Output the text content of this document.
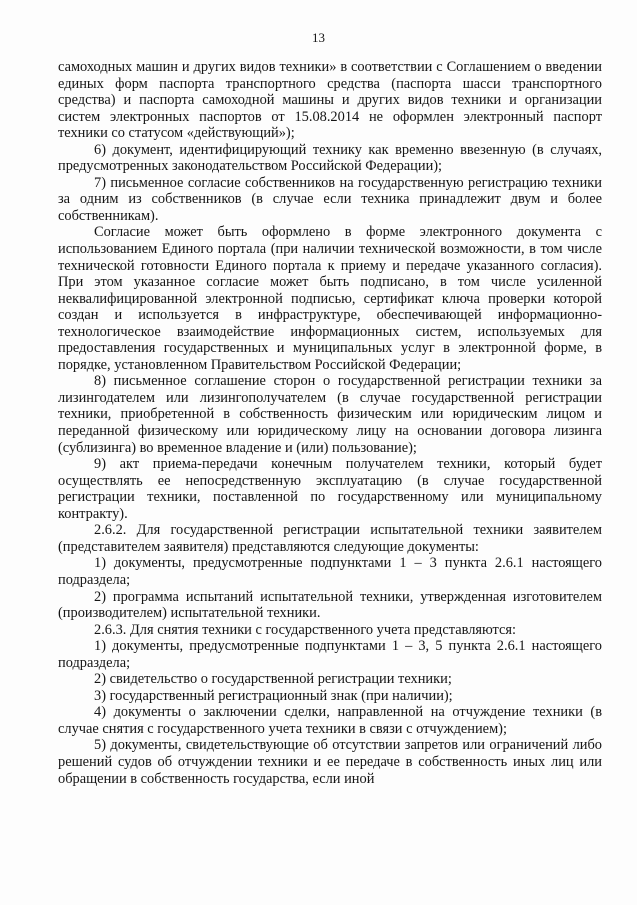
13

самоходных машин и других видов техники» в соответствии с Соглашением о введении единых форм паспорта транспортного средства (паспорта шасси транспортного средства) и паспорта самоходной машины и других видов техники и организации систем электронных паспортов от 15.08.2014 не оформлен электронный паспорт техники со статусом «действующий»);

6) документ, идентифицирующий технику как временно ввезенную (в случаях, предусмотренных законодательством Российской Федерации);

7) письменное согласие собственников на государственную регистрацию техники за одним из собственников (в случае если техника принадлежит двум и более собственникам).

Согласие может быть оформлено в форме электронного документа с использованием Единого портала (при наличии технической возможности, в том числе технической готовности Единого портала к приему и передаче указанного согласия). При этом указанное согласие может быть подписано, в том числе усиленной неквалифицированной электронной подписью, сертификат ключа проверки которой создан и используется в инфраструктуре, обеспечивающей информационно-технологическое взаимодействие информационных систем, используемых для предоставления государственных и муниципальных услуг в электронной форме, в порядке, установленном Правительством Российской Федерации;

8) письменное соглашение сторон о государственной регистрации техники за лизингодателем или лизингополучателем (в случае государственной регистрации техники, приобретенной в собственность физическим или юридическим лицом и переданной физическому или юридическому лицу на основании договора лизинга (сублизинга) во временное владение и (или) пользование);

9) акт приема-передачи конечным получателем техники, который будет осуществлять ее непосредственную эксплуатацию (в случае государственной регистрации техники, поставленной по государственному или муниципальному контракту).

2.6.2. Для государственной регистрации испытательной техники заявителем (представителем заявителя) представляются следующие документы:

1) документы, предусмотренные подпунктами 1 – 3 пункта 2.6.1 настоящего подраздела;

2) программа испытаний испытательной техники, утвержденная изготовителем (производителем) испытательной техники.

2.6.3. Для снятия техники с государственного учета представляются:

1) документы, предусмотренные подпунктами 1 – 3, 5 пункта 2.6.1 настоящего подраздела;

2) свидетельство о государственной регистрации техники;

3) государственный регистрационный знак (при наличии);

4) документы о заключении сделки, направленной на отчуждение техники (в случае снятия с государственного учета техники в связи с отчуждением);

5) документы, свидетельствующие об отсутствии запретов или ограничений либо решений судов об отчуждении техники и ее передаче в собственность иных лиц или обращении в собственность государства, если иной
